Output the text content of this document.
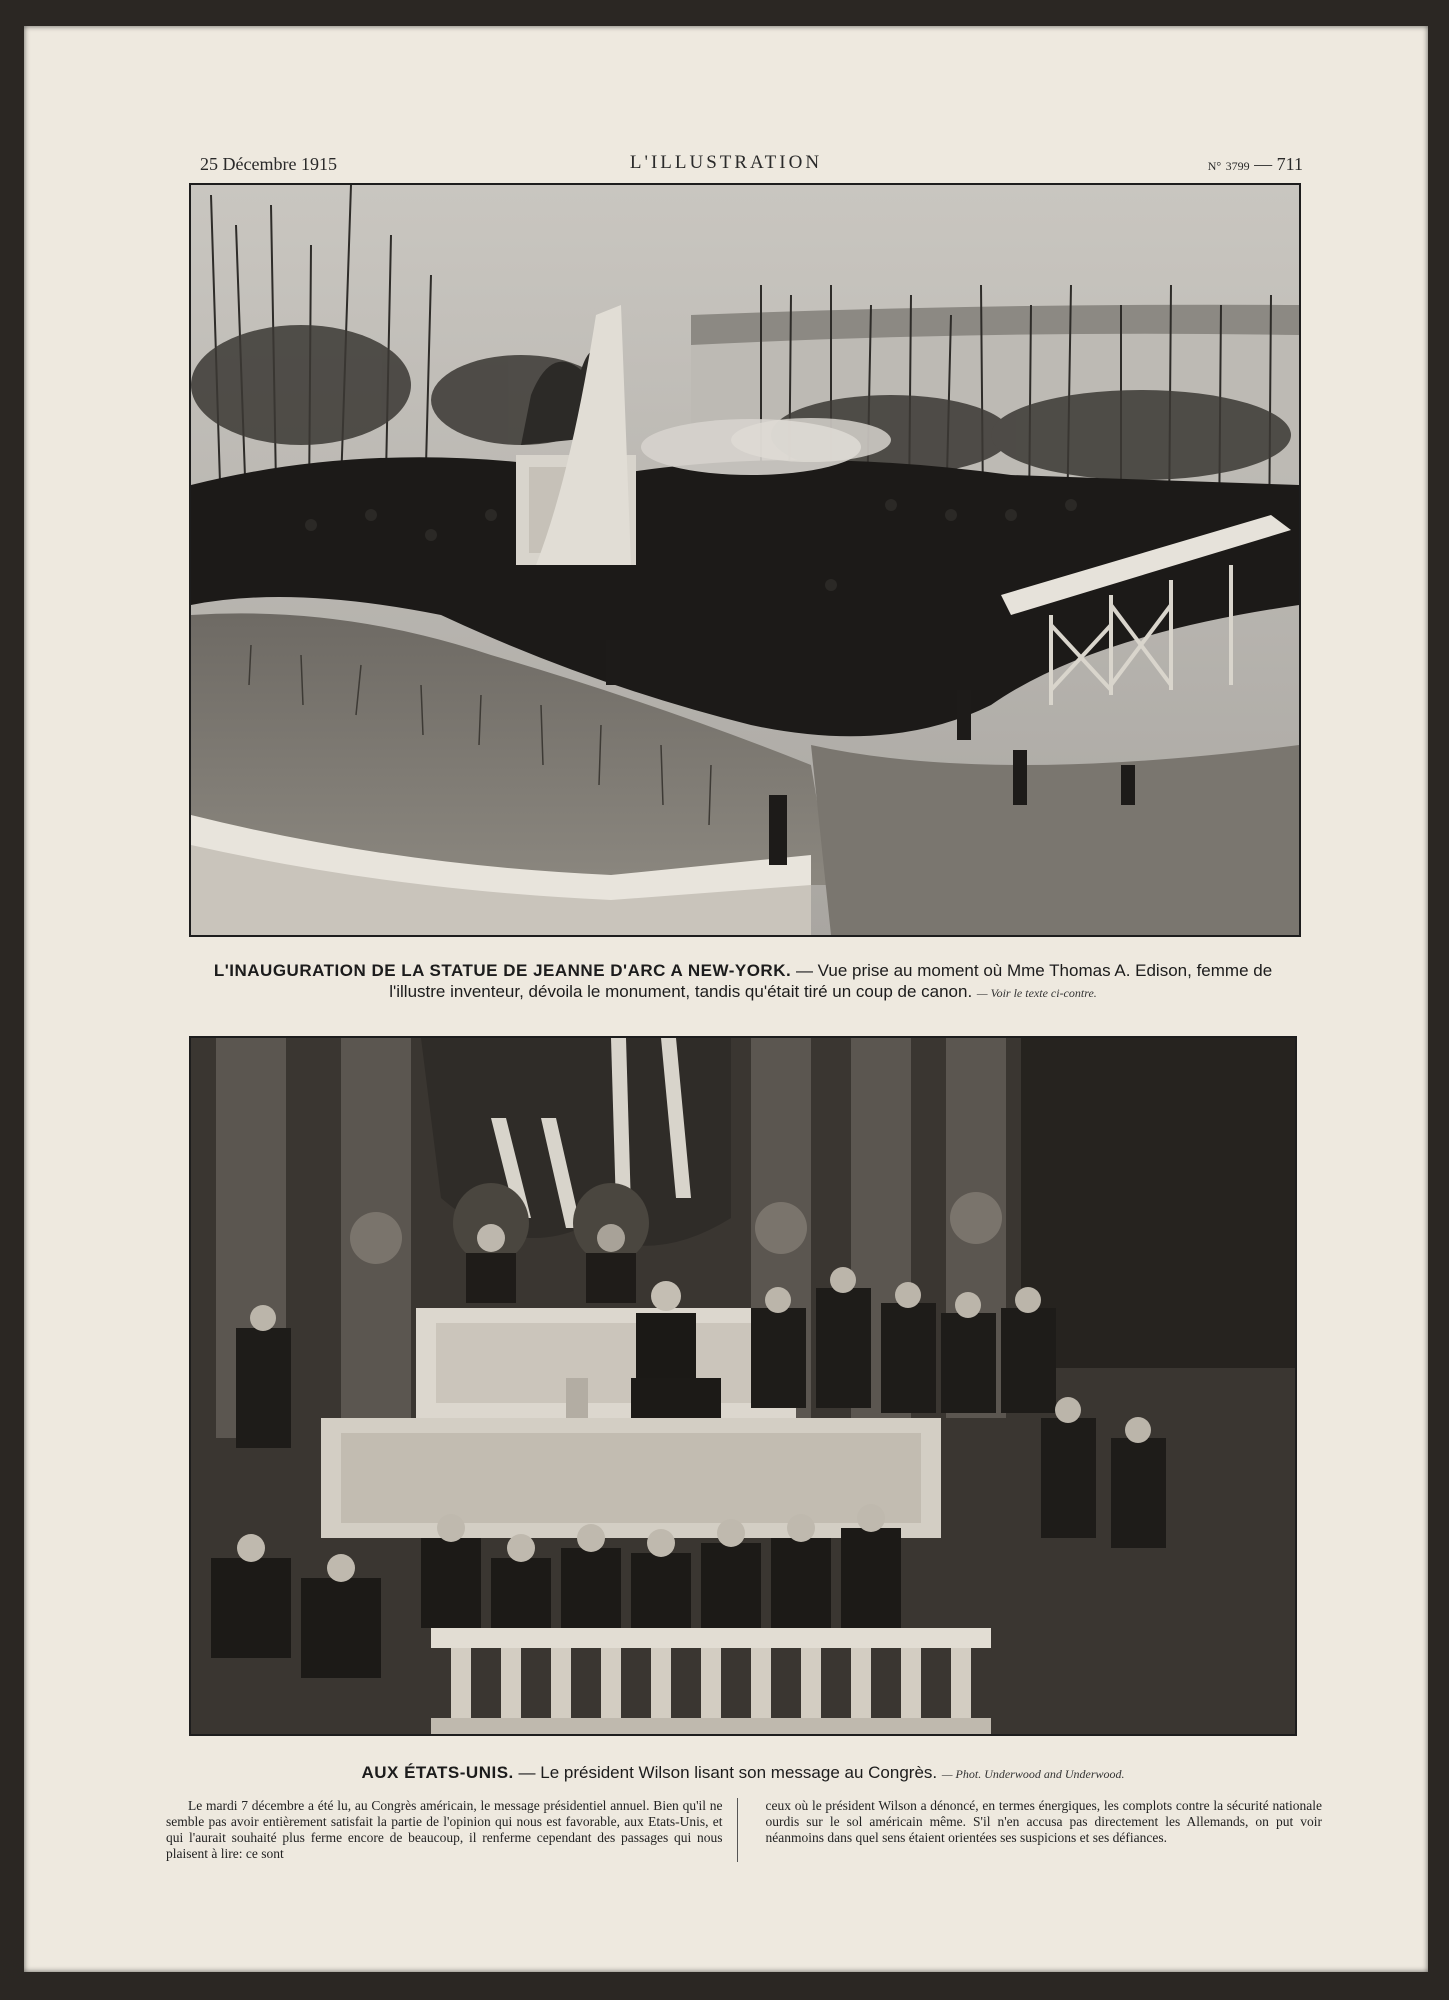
25 Décembre 1915	L'ILLUSTRATION	N° 3799 — 711
L'INAUGURATION DE LA STATUE DE JEANNE D'ARC A NEW-YORK. — Vue prise au moment où Mme Thomas A. Edison, femme de l'illustre inventeur, dévoila le monument, tandis qu'était tiré un coup de canon. — Voir le texte ci-contre.
AUX ÉTATS-UNIS. — Le président Wilson lisant son message au Congrès. — Phot. Underwood and Underwood.

Le mardi 7 décembre a été lu, au Congrès américain, le message présidentiel annuel. Bien qu'il ne semble pas avoir entièrement satisfait la partie de l'opinion qui nous est favorable, aux Etats-Unis, et qui l'aurait souhaité plus ferme encore de beaucoup, il renferme cependant des passages qui nous plaisent à lire: ce sont

ceux où le président Wilson a dénoncé, en termes énergiques, les complots contre la sécurité nationale ourdis sur le sol américain même. S'il n'en accusa pas directement les Allemands, on put voir néanmoins dans quel sens étaient orientées ses suspicions et ses défiances.
